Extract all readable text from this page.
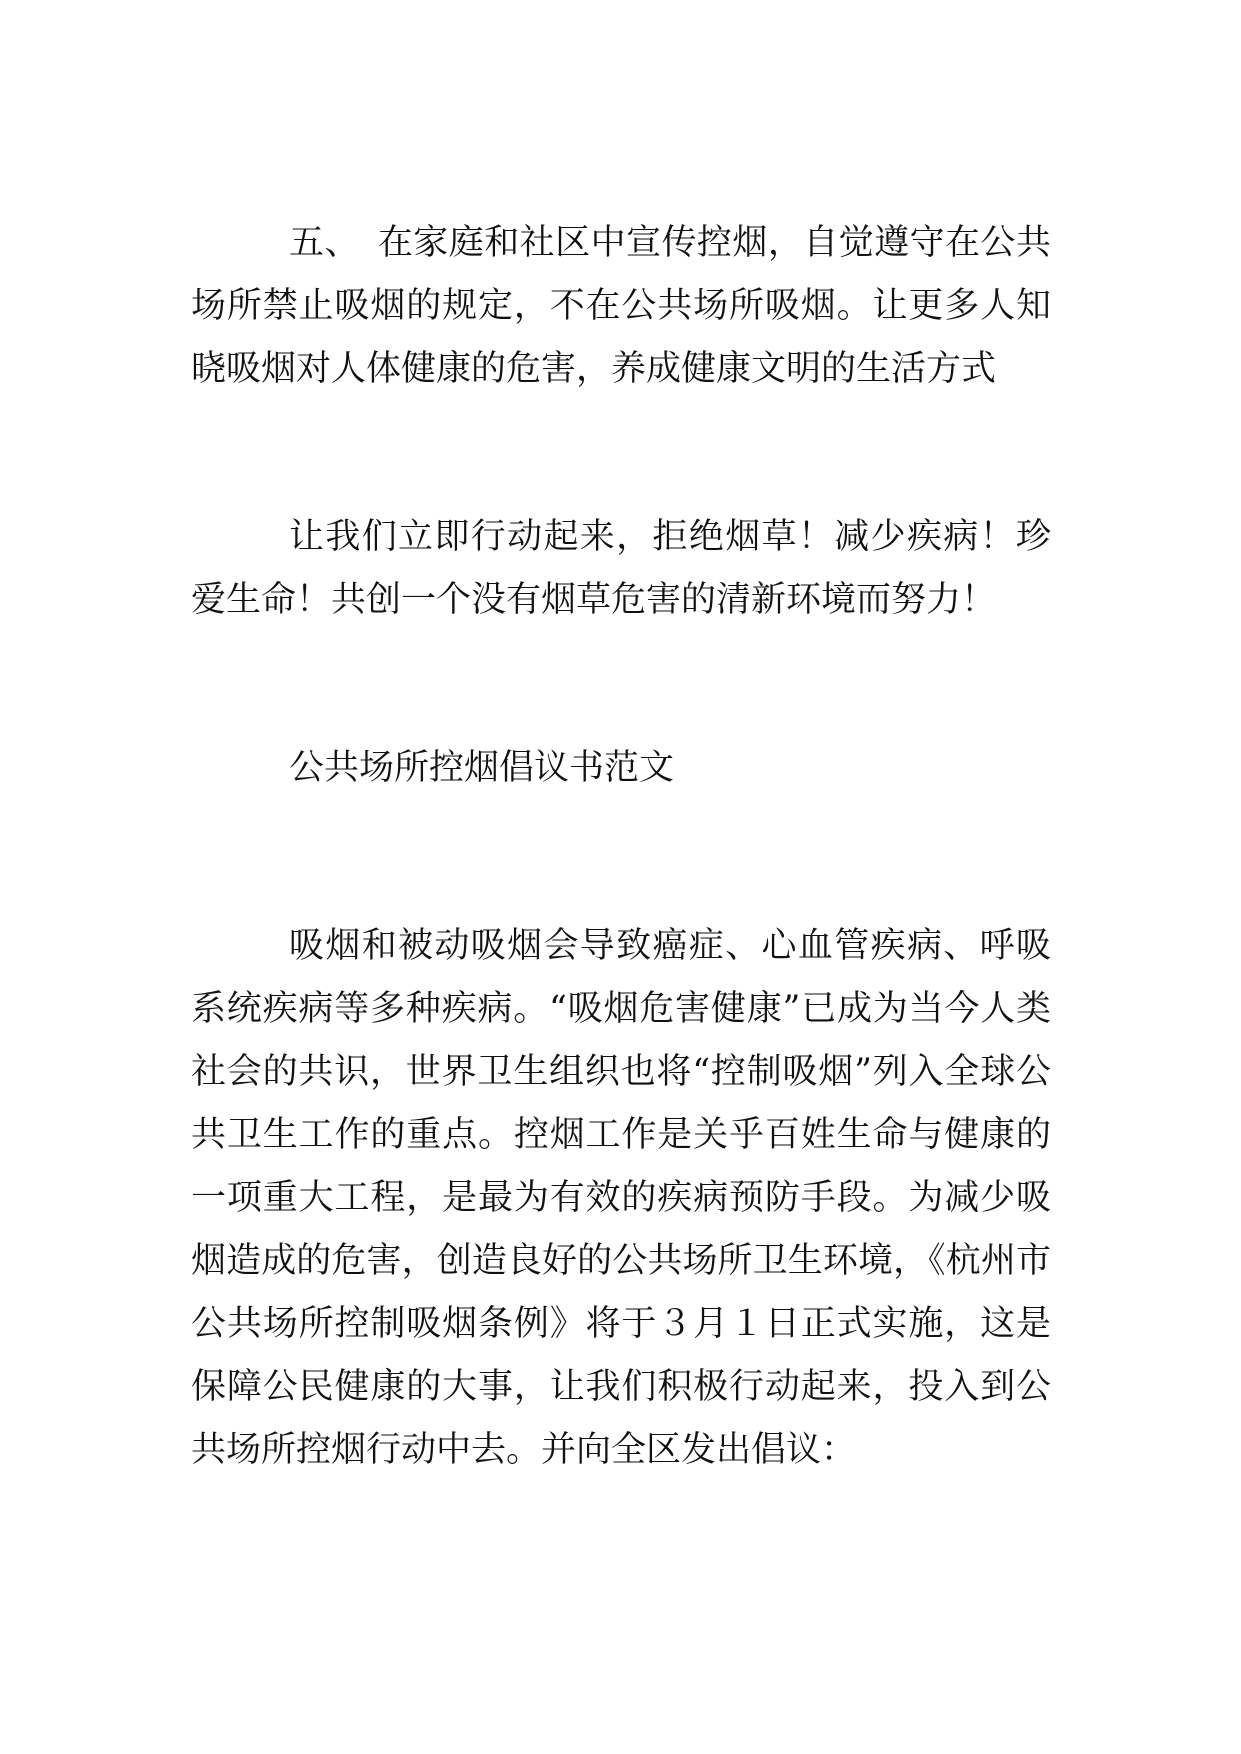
五、　在家庭和社区中宣传控烟，自觉遵守在公共场所禁止吸烟的规定，不在公共场所吸烟。让更多人知晓吸烟对人体健康的危害，养成健康文明的生活方式

让我们立即行动起来，拒绝烟草！减少疾病！珍爱生命！共创一个没有烟草危害的清新环境而努力！

公共场所控烟倡议书范文

吸烟和被动吸烟会导致癌症、心血管疾病、呼吸系统疾病等多种疾病。“吸烟危害健康”已成为当今人类社会的共识，世界卫生组织也将“控制吸烟”列入全球公共卫生工作的重点。控烟工作是关乎百姓生命与健康的一项重大工程，是最为有效的疾病预防手段。为减少吸烟造成的危害，创造良好的公共场所卫生环境，《杭州市公共场所控制吸烟条例》将于３月１日正式实施，这是保障公民健康的大事，让我们积极行动起来，投入到公共场所控烟行动中去。并向全区发出倡议：
